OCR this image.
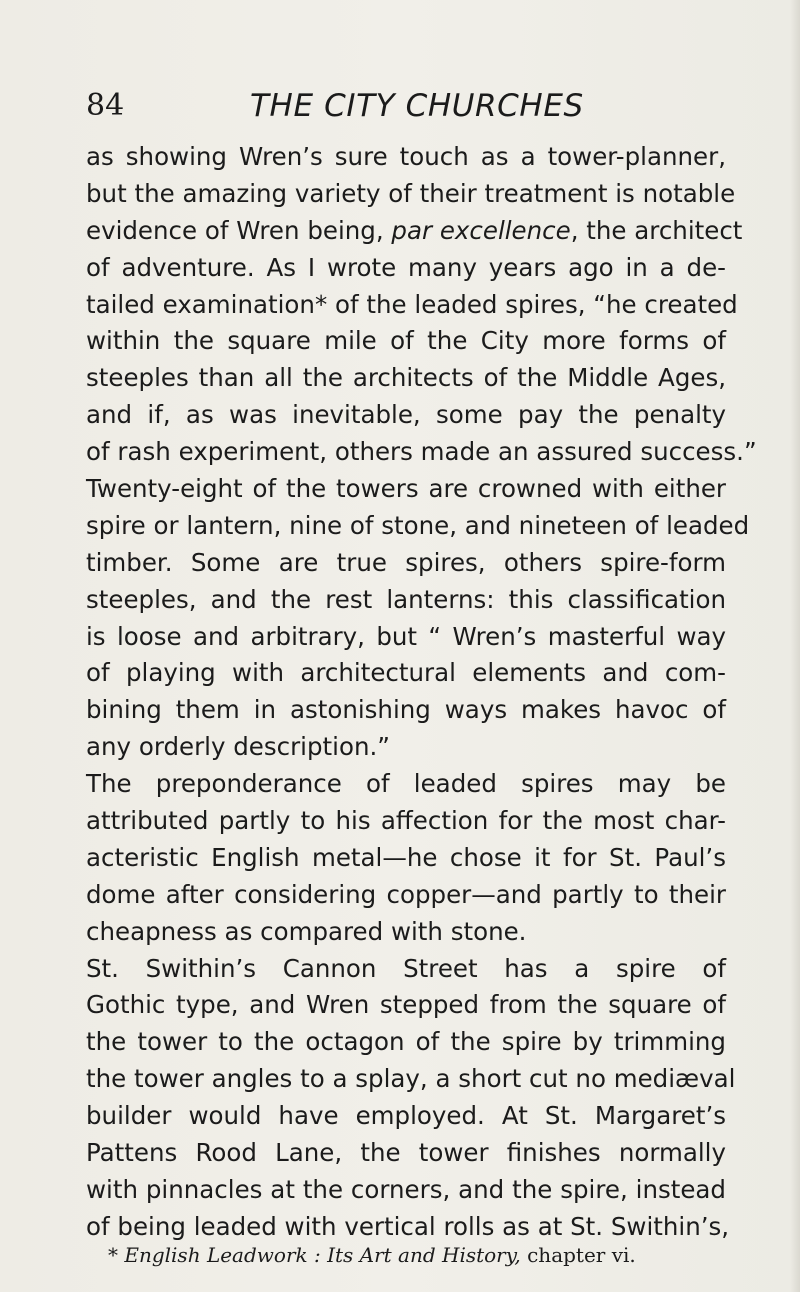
84	THE CITY CHURCHES
as showing Wren’s sure touch as a tower-planner,
but the amazing variety of their treatment is notable
evidence of Wren being, par excellence, the architect
of adventure. As I wrote many years ago in a de-
tailed examination* of the leaded spires, “he created
within the square mile of the City more forms of
steeples than all the architects of the Middle Ages,
and if, as was inevitable, some pay the penalty
of rash experiment, others made an assured success.”
Twenty-eight of the towers are crowned with either
spire or lantern, nine of stone, and nineteen of leaded
timber. Some are true spires, others spire-form
steeples, and the rest lanterns: this classification
is loose and arbitrary, but “ Wren’s masterful way
of playing with architectural elements and com-
bining them in astonishing ways makes havoc of
any orderly description.”
The preponderance of leaded spires may be
attributed partly to his affection for the most char-
acteristic English metal—he chose it for St. Paul’s
dome after considering copper—and partly to their
cheapness as compared with stone.
St. Swithin’s Cannon Street has a spire of
Gothic type, and Wren stepped from the square of
the tower to the octagon of the spire by trimming
the tower angles to a splay, a short cut no mediæval
builder would have employed. At St. Margaret’s
Pattens Rood Lane, the tower finishes normally
with pinnacles at the corners, and the spire, instead
of being leaded with vertical rolls as at St. Swithin’s,
* English Leadwork : Its Art and History, chapter vi.
